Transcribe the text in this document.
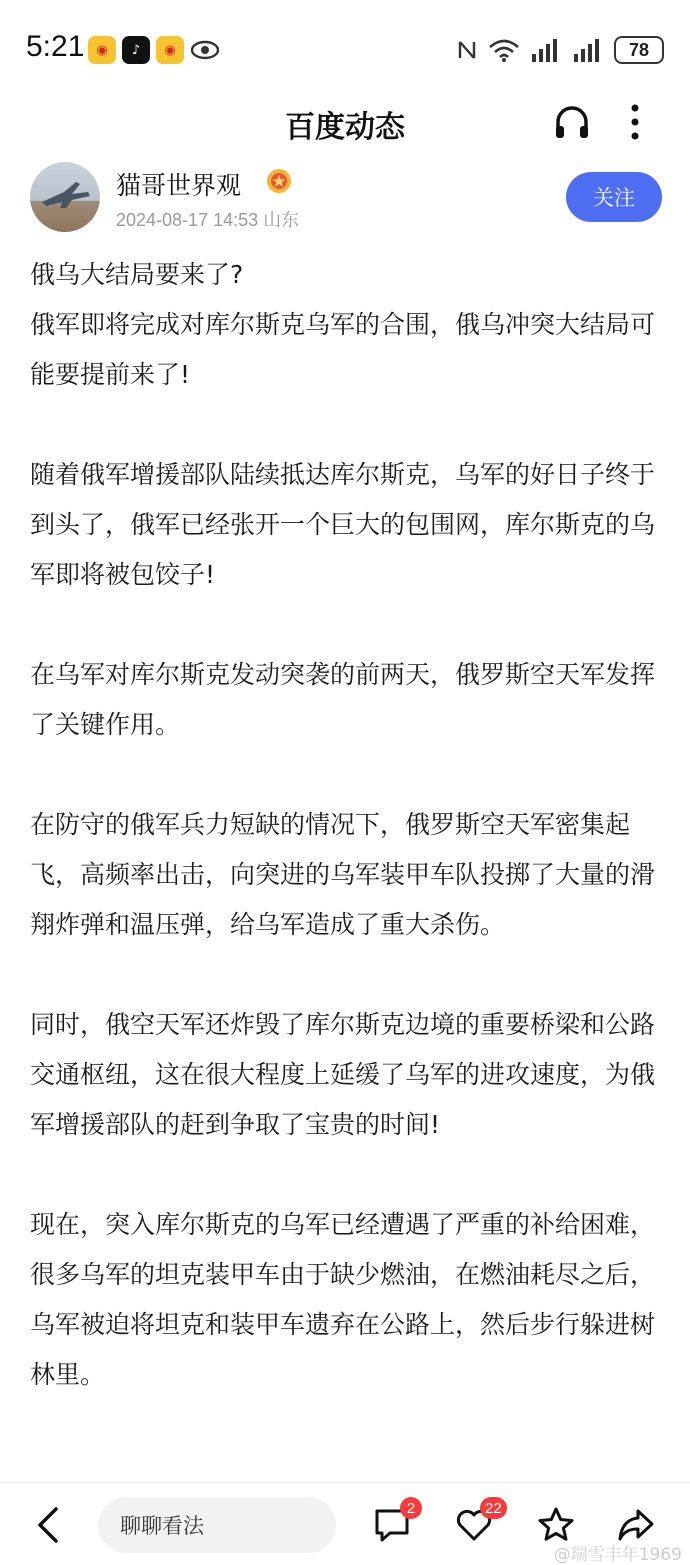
5:21 ◉	♪	◉	78
百度动态
猫哥世界观
2024-08-17 14:53 山东
关注

俄乌大结局要来了?
俄军即将完成对库尔斯克乌军的合围，俄乌冲突大结局可能要提前来了!

随着俄军增援部队陆续抵达库尔斯克，乌军的好日子终于到头了，俄军已经张开一个巨大的包围网，库尔斯克的乌军即将被包饺子!

在乌军对库尔斯克发动突袭的前两天，俄罗斯空天军发挥了关键作用。

在防守的俄军兵力短缺的情况下，俄罗斯空天军密集起飞，高频率出击，向突进的乌军装甲车队投掷了大量的滑翔炸弹和温压弹，给乌军造成了重大杀伤。

同时，俄空天军还炸毁了库尔斯克边境的重要桥梁和公路交通枢纽，这在很大程度上延缓了乌军的进攻速度，为俄军增援部队的赶到争取了宝贵的时间!

现在，突入库尔斯克的乌军已经遭遇了严重的补给困难，很多乌军的坦克装甲车由于缺少燃油，在燃油耗尽之后，乌军被迫将坦克和装甲车遗弃在公路上，然后步行躲进树林里。

聊聊看法
2	22
@瑞雪丰年1969
